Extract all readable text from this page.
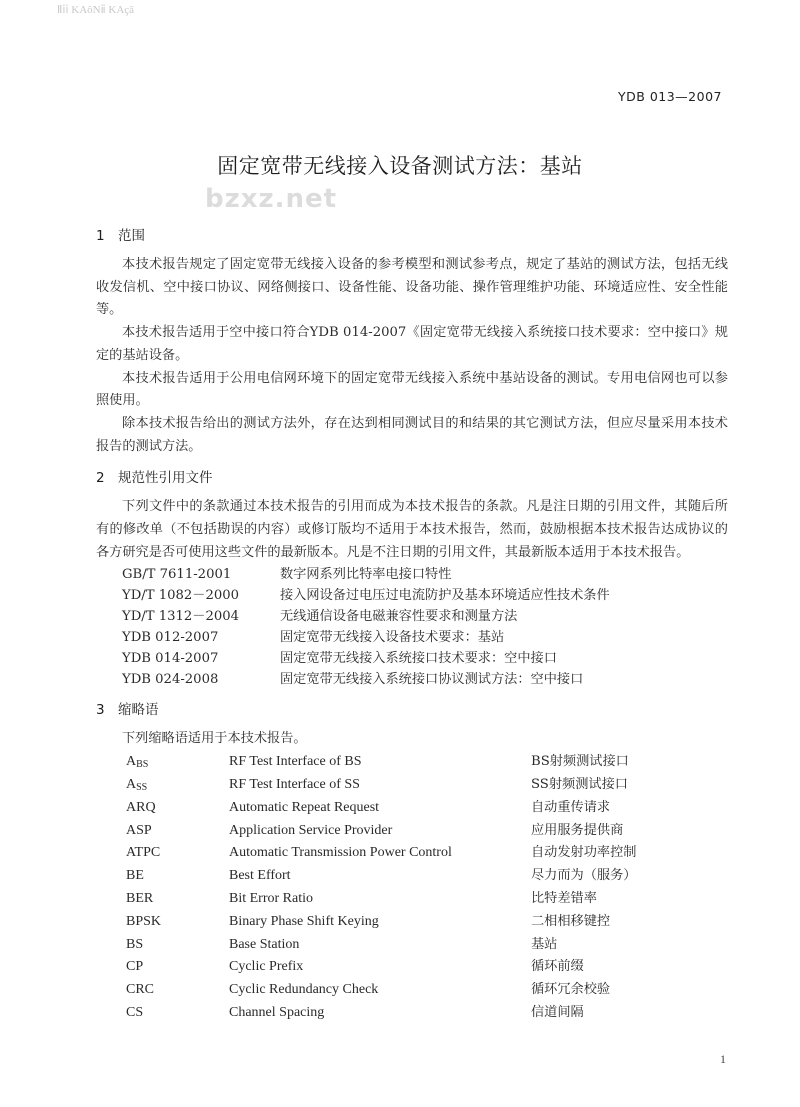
Ⅱⅰⅰ KAôNⅱ KAçā
YDB 013—2007
固定宽带无线接入设备测试方法：基站
bzxz.net
1 范围

本技术报告规定了固定宽带无线接入设备的参考模型和测试参考点，规定了基站的测试方法，包括无线收发信机、空中接口协议、网络侧接口、设备性能、设备功能、操作管理维护功能、环境适应性、安全性能等。

本技术报告适用于空中接口符合YDB 014-2007《固定宽带无线接入系统接口技术要求：空中接口》规定的基站设备。

本技术报告适用于公用电信网环境下的固定宽带无线接入系统中基站设备的测试。专用电信网也可以参照使用。

除本技术报告给出的测试方法外，存在达到相同测试目的和结果的其它测试方法，但应尽量采用本技术报告的测试方法。

2 规范性引用文件

下列文件中的条款通过本技术报告的引用而成为本技术报告的条款。凡是注日期的引用文件，其随后所有的修改单（不包括勘误的内容）或修订版均不适用于本技术报告，然而，鼓励根据本技术报告达成协议的各方研究是否可使用这些文件的最新版本。凡是不注日期的引用文件，其最新版本适用于本技术报告。

GB/T 7611-2001	数字网系列比特率电接口特性
YD/T 1082－2000	接入网设备过电压过电流防护及基本环境适应性技术条件
YD/T 1312－2004	无线通信设备电磁兼容性要求和测量方法
YDB 012-2007	固定宽带无线接入设备技术要求：基站
YDB 014-2007	固定宽带无线接入系统接口技术要求：空中接口
YDB 024-2008	固定宽带无线接入系统接口协议测试方法：空中接口
3 缩略语

下列缩略语适用于本技术报告。

$A_{BS}$	RF Test Interface of BS	BS射频测试接口
$A_{SS}$	RF Test Interface of SS	SS射频测试接口
ARQ	Automatic Repeat Request	自动重传请求
ASP	Application Service Provider	应用服务提供商
ATPC	Automatic Transmission Power Control	自动发射功率控制
BE	Best Effort	尽力而为（服务）
BER	Bit Error Ratio	比特差错率
BPSK	Binary Phase Shift Keying	二相相移键控
BS	Base Station	基站
CP	Cyclic Prefix	循环前缀
CRC	Cyclic Redundancy Check	循环冗余校验
CS	Channel Spacing	信道间隔
1
